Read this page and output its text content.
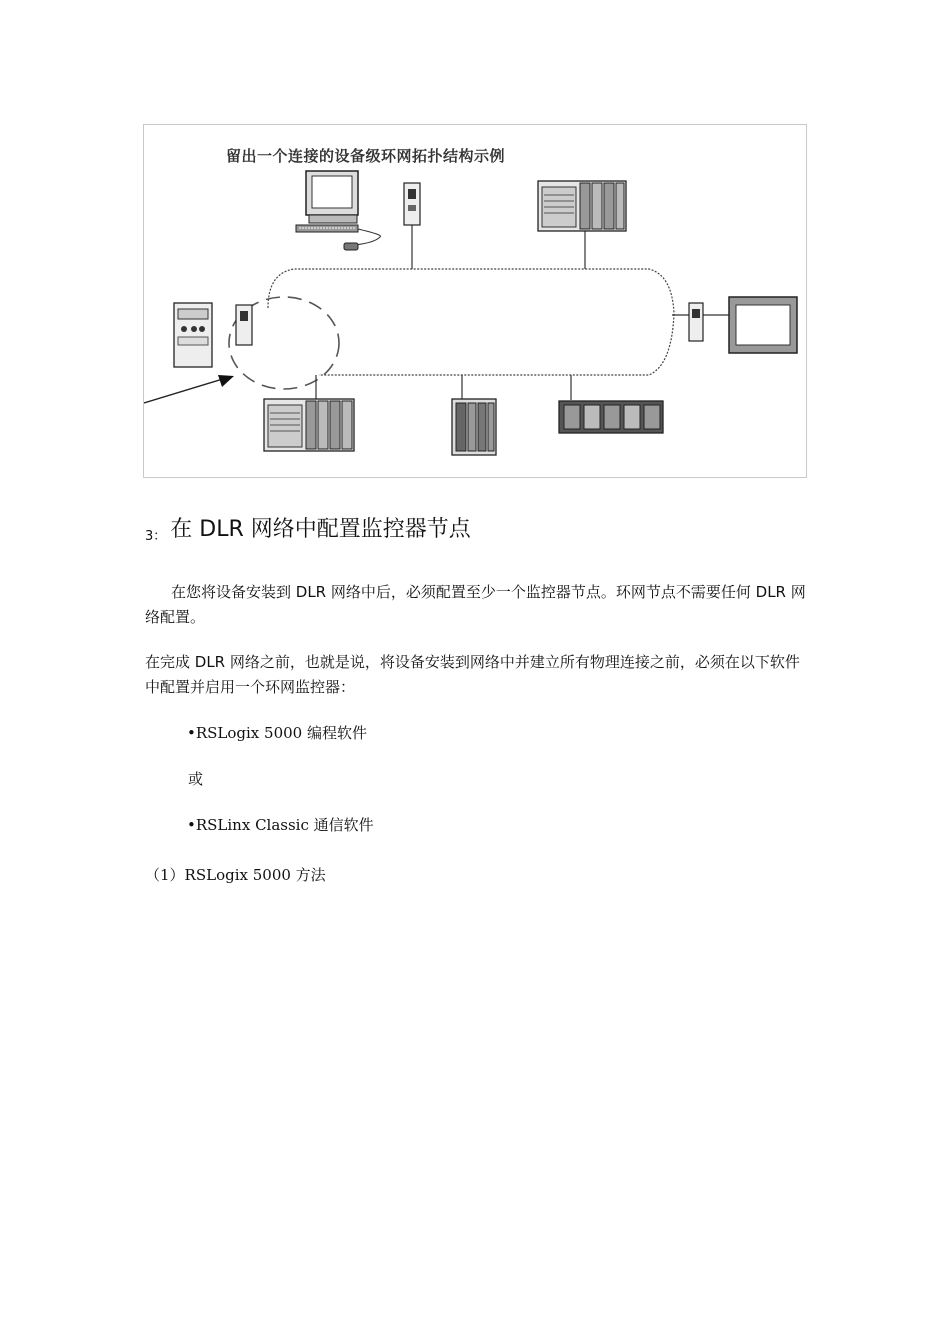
留出一个连接的设备级环网拓扑结构示例
$_{3:}$ 在 DLR 网络中配置监控器节点
在您将设备安装到 DLR 网络中后，必须配置至少一个监控器节点。环网节点不需要任何 DLR 网络配置。
在完成 DLR 网络之前，也就是说，将设备安装到网络中并建立所有物理连接之前，必须在以下软件中配置并启用一个环网监控器：
•RSLogix 5000 编程软件
或
•RSLinx Classic 通信软件
（1）RSLogix 5000 方法
